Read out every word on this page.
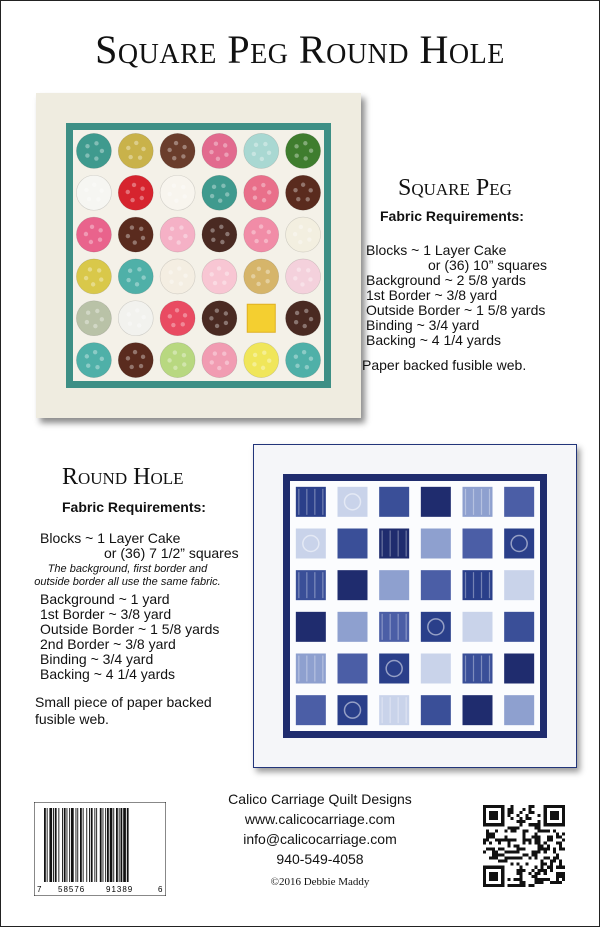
Square Peg Round Hole
Square Peg
Fabric Requirements:
Blocks ~ 1 Layer Cake
or (36) 10” squares
Background ~ 2 5/8 yards
1st Border ~ 3/8 yard
Outside Border ~ 1 5/8 yards
Binding ~ 3/4 yard
Backing ~ 4 1/4 yards
Paper backed fusible web.
Round Hole
Fabric Requirements:
Blocks ~ 1 Layer Cake
or (36) 7 1/2” squares
The background, first border and outside border all use the same fabric.
Background ~ 1 yard
1st Border ~ 3/8 yard
Outside Border ~ 1 5/8 yards
2nd Border ~ 3/8 yard
Binding ~ 3/4 yard
Backing ~ 4 1/4 yards
Small piece of paper backed fusible web.
Calico Carriage Quilt Designs
www.calicocarriage.com
info@calicocarriage.com
940-549-4058
©2016 Debbie Maddy
7 58576	91389	6
